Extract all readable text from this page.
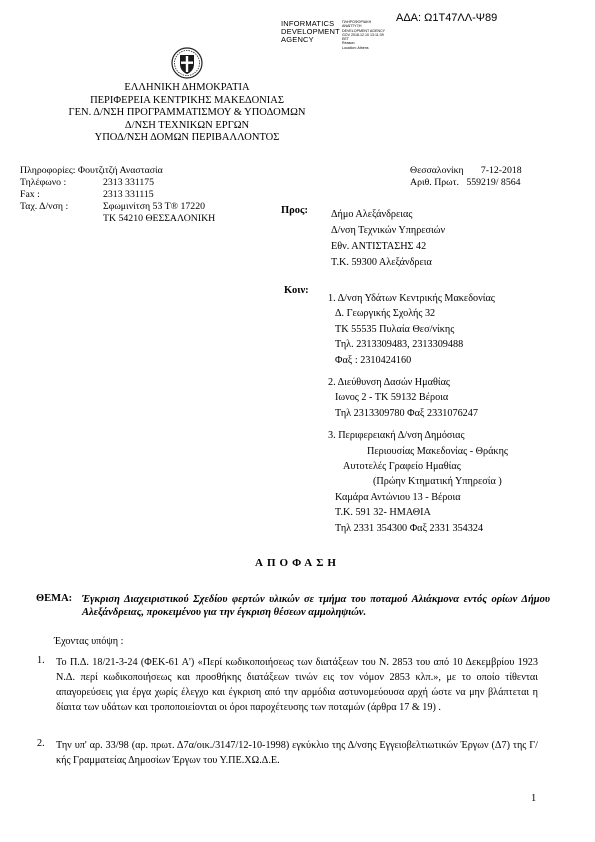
ΑΔΑ: Ω1Τ47ΛΛ-Ψ89
INFORMATICS
DEVELOPMENT
AGENCY
ΠΛΗΡΟΦΟΡΙΑΚΗ
ΑΝΑΠΤΥΞΗ
DEVELOPMENT AGENCY
GOV 2018.12.10 13:11:39
EET
Reason:
Location: Athens
ΕΛΛΗΝΙΚΗ ΔΗΜΟΚΡΑΤΙΑ
ΠΕΡΙΦΕΡΕΙΑ ΚΕΝΤΡΙΚΗΣ ΜΑΚΕΔΟΝΙΑΣ
ΓΕΝ. Δ/ΝΣΗ ΠΡΟΓΡΑΜΜΑΤΙΣΜΟΥ & ΥΠΟΔΟΜΩΝ
Δ/ΝΣΗ ΤΕΧΝΙΚΩΝ ΕΡΓΩΝ
ΥΠΟΔ/ΝΣΗ ΔΟΜΩΝ ΠΕΡΙΒΑΛΛΟΝΤΟΣ
Πληροφορίες: Φουτζιτζή Αναστασία
Τηλέφωνο :	2313 331175
Fax :	2313 331115
Ταχ. Δ/νση :	Σφωμινίτση 53 Τ® 17220
ΤΚ 54210 ΘΕΣΣΑΛΟΝΙΚΗ
Θεσσαλονίκη 7-12-2018
Αριθ. Πρωτ. 559219/ 8564
Προς: Δήμο Αλεξάνδρειας
Δ/νση Τεχνικών Υπηρεσιών
Εθν. ΑΝΤΙΣΤΑΣΗΣ 42
Τ.Κ. 59300 Αλεξάνδρεια
Κοιν:
1. Δ/νση Υδάτων Κεντρικής Μακεδονίας
Δ. Γεωργικής Σχολής 32
ΤΚ 55535 Πυλαία Θεσ/νίκης
Τηλ. 2313309483, 2313309488
Φαξ : 2310424160
2. Διεύθυνση Δασών Ημαθίας
Ιωνος 2 - ΤΚ 59132 Βέροια
Τηλ 2313309780 Φαξ 2331076247
3. Περιφερειακή Δ/νση Δημόσιας
Περιουσίας Μακεδονίας - Θράκης
Αυτοτελές Γραφείο Ημαθίας
(Πρώην Κτηματική Υπηρεσία )
Καμάρα Αντώνιου 13 - Βέροια
Τ.Κ. 591 32- ΗΜΑΘΙΑ
Τηλ 2331 354300 Φαξ 2331 354324
ΑΠΟΦΑΣΗ
ΘΕΜΑ: Έγκριση Διαχειριστικού Σχεδίου φερτών υλικών σε τμήμα του ποταμού Αλιάκμονα εντός ορίων Δήμου Αλεξάνδρειας, προκειμένου για την έγκριση θέσεων αμμοληψιών.
Έχοντας υπόψη :
1. Το Π.Δ. 18/21-3-24 (ΦΕΚ-61 Α') «Περί κωδικοποιήσεως των διατάξεων του Ν. 2853 του από 10 Δεκεμβρίου 1923 Ν.Δ. περί κωδικοποιήσεως και προσθήκης διατάξεων τινών εις τον νόμον 2853 κλπ.», με το οποίο τίθενται απαγορεύσεις για έργα χωρίς έλεγχο και έγκριση από την αρμόδια αστυνομεύουσα αρχή ώστε να μην βλάπτεται η δίαιτα των υδάτων και τροποποιείονται οι όροι παροχέτευσης των ποταμών (άρθρα 17 & 19) .
2. Την υπ' αρ. 33/98 (αρ. πρωτ. Δ7α/οικ./3147/12-10-1998) εγκύκλιο της Δ/νσης Εγγειοβελτιωτικών Έργων (Δ7) της Γ/κής Γραμματείας Δημοσίων Έργων του Υ.ΠΕ.ΧΩ.Δ.Ε.
1
